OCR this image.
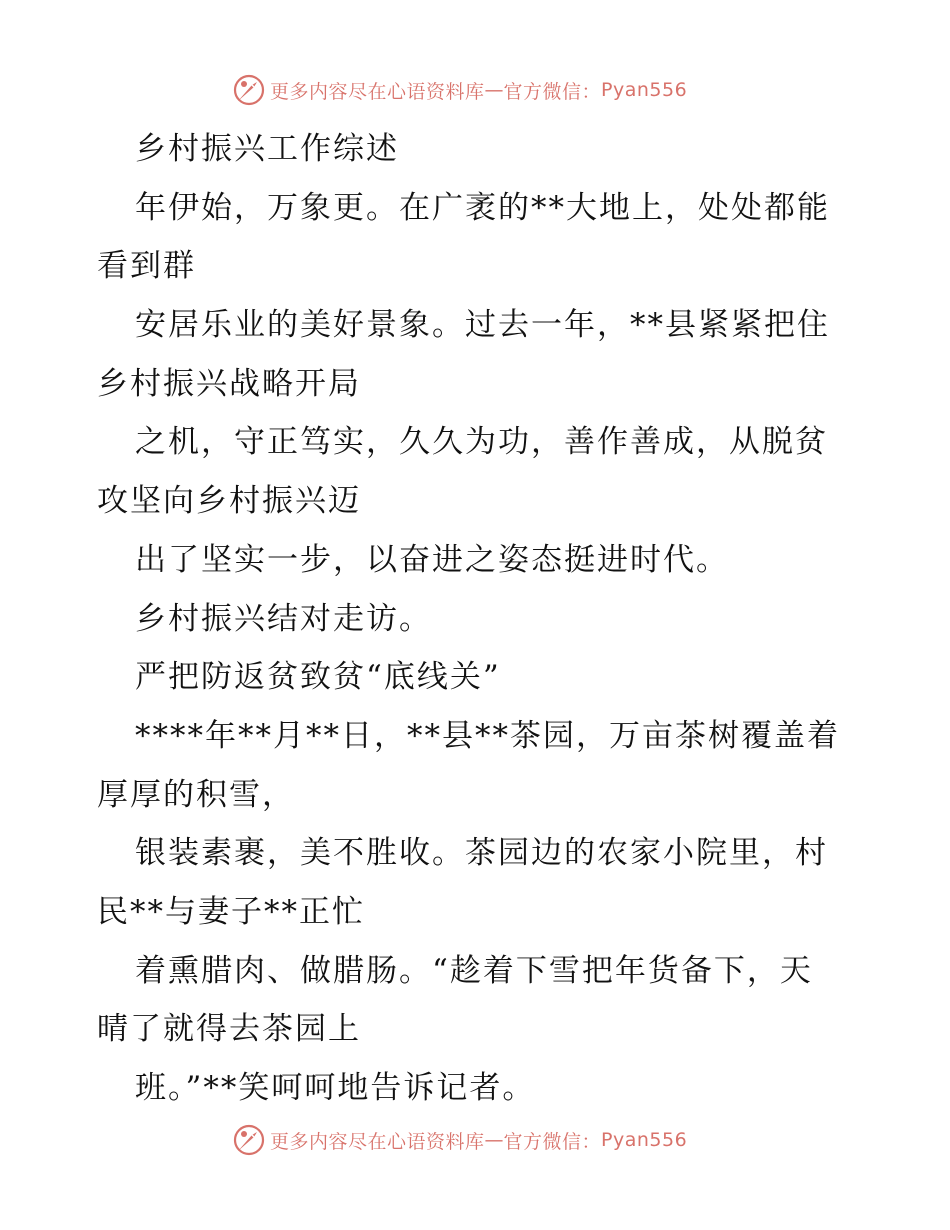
更多内容尽在心语资料库 — 官方微信： Pyan556
乡村振兴工作综述
年伊始，万象更。在广袤的**大地上，处处都能
看到群
安居乐业的美好景象。过去一年，**县紧紧把住
乡村振兴战略开局
之机，守正笃实，久久为功，善作善成，从脱贫
攻坚向乡村振兴迈
出了坚实一步，以奋进之姿态挺进时代。
乡村振兴结对走访。
严把防返贫致贫“底线关”
****年**月**日，**县**茶园，万亩茶树覆盖着
厚厚的积雪，
银装素裹，美不胜收。茶园边的农家小院里，村
民**与妻子**正忙
着熏腊肉、做腊肠。“趁着下雪把年货备下，天
晴了就得去茶园上
班。”**笑呵呵地告诉记者。
更多内容尽在心语资料库 — 官方微信： Pyan556
